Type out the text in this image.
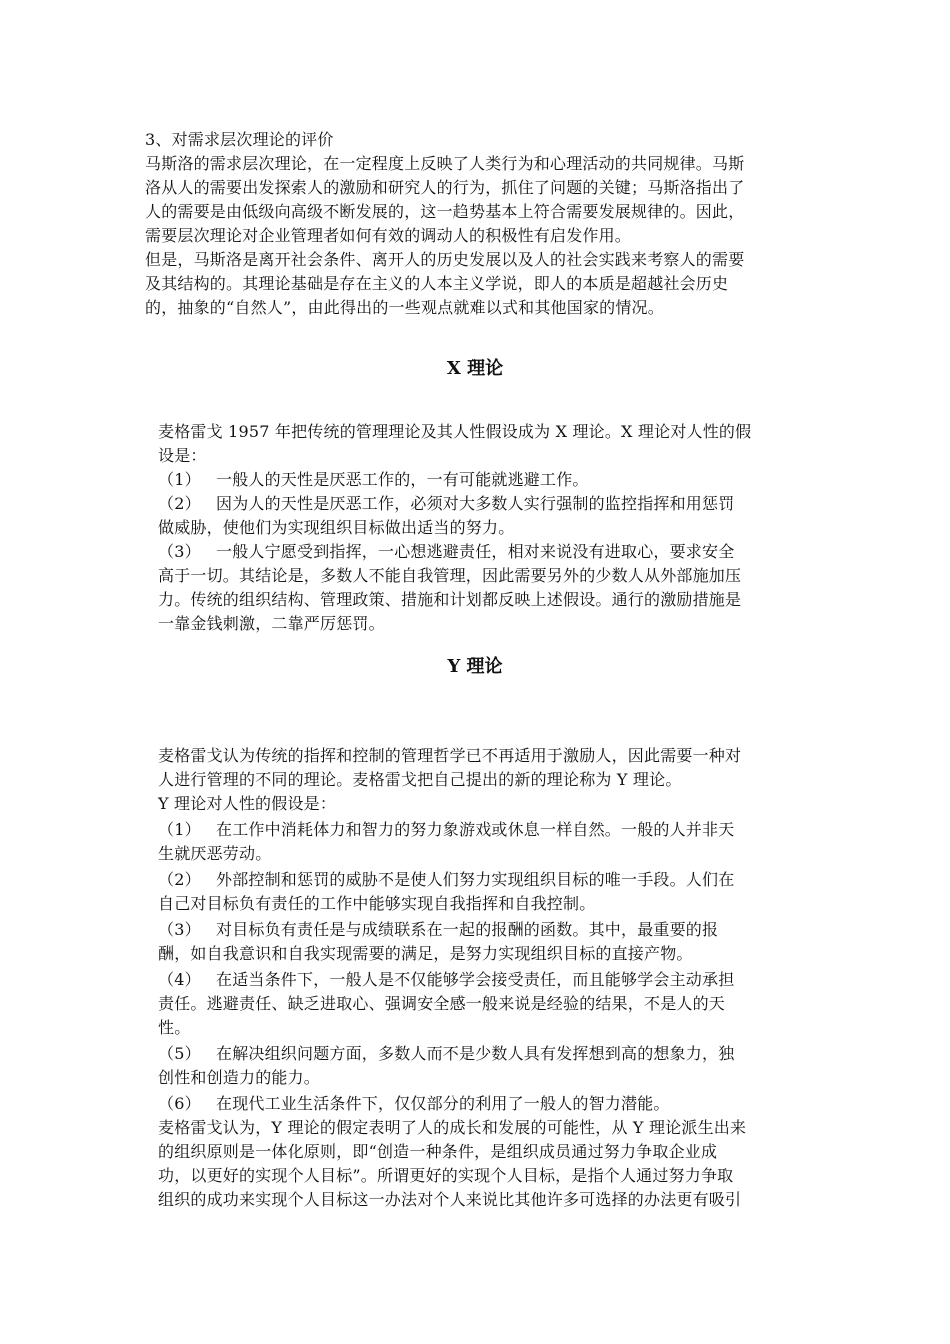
3、对需求层次理论的评价
马斯洛的需求层次理论，在一定程度上反映了人类行为和心理活动的共同规律。马斯
洛从人的需要出发探索人的激励和研究人的行为，抓住了问题的关键；马斯洛指出了
人的需要是由低级向高级不断发展的，这一趋势基本上符合需要发展规律的。因此，
需要层次理论对企业管理者如何有效的调动人的积极性有启发作用。
但是，马斯洛是离开社会条件、离开人的历史发展以及人的社会实践来考察人的需要
及其结构的。其理论基础是存在主义的人本主义学说，即人的本质是超越社会历史
的，抽象的“自然人”，由此得出的一些观点就难以式和其他国家的情况。
X 理论
麦格雷戈 1957 年把传统的管理理论及其人性假设成为 X 理论。X 理论对人性的假
设是：
（1） 一般人的天性是厌恶工作的，一有可能就逃避工作。
（2） 因为人的天性是厌恶工作，必须对大多数人实行强制的监控指挥和用惩罚
做威胁，使他们为实现组织目标做出适当的努力。
（3） 一般人宁愿受到指挥，一心想逃避责任，相对来说没有进取心，要求安全
高于一切。其结论是，多数人不能自我管理，因此需要另外的少数人从外部施加压
力。传统的组织结构、管理政策、措施和计划都反映上述假设。通行的激励措施是
一靠金钱刺激，二靠严厉惩罚。
Y 理论
麦格雷戈认为传统的指挥和控制的管理哲学已不再适用于激励人，因此需要一种对
人进行管理的不同的理论。麦格雷戈把自己提出的新的理论称为 Y 理论。
Y 理论对人性的假设是：
（1） 在工作中消耗体力和智力的努力象游戏或休息一样自然。一般的人并非天
生就厌恶劳动。
（2） 外部控制和惩罚的威胁不是使人们努力实现组织目标的唯一手段。人们在
自己对目标负有责任的工作中能够实现自我指挥和自我控制。
（3） 对目标负有责任是与成绩联系在一起的报酬的函数。其中，最重要的报
酬，如自我意识和自我实现需要的满足，是努力实现组织目标的直接产物。
（4） 在适当条件下，一般人是不仅能够学会接受责任，而且能够学会主动承担
责任。逃避责任、缺乏进取心、强调安全感一般来说是经验的结果，不是人的天
性。
（5） 在解决组织问题方面，多数人而不是少数人具有发挥想到高的想象力，独
创性和创造力的能力。
（6） 在现代工业生活条件下，仅仅部分的利用了一般人的智力潜能。
麦格雷戈认为，Y 理论的假定表明了人的成长和发展的可能性，从 Y 理论派生出来
的组织原则是一体化原则，即“创造一种条件，是组织成员通过努力争取企业成
功，以更好的实现个人目标”。所谓更好的实现个人目标，是指个人通过努力争取
组织的成功来实现个人目标这一办法对个人来说比其他许多可选择的办法更有吸引
